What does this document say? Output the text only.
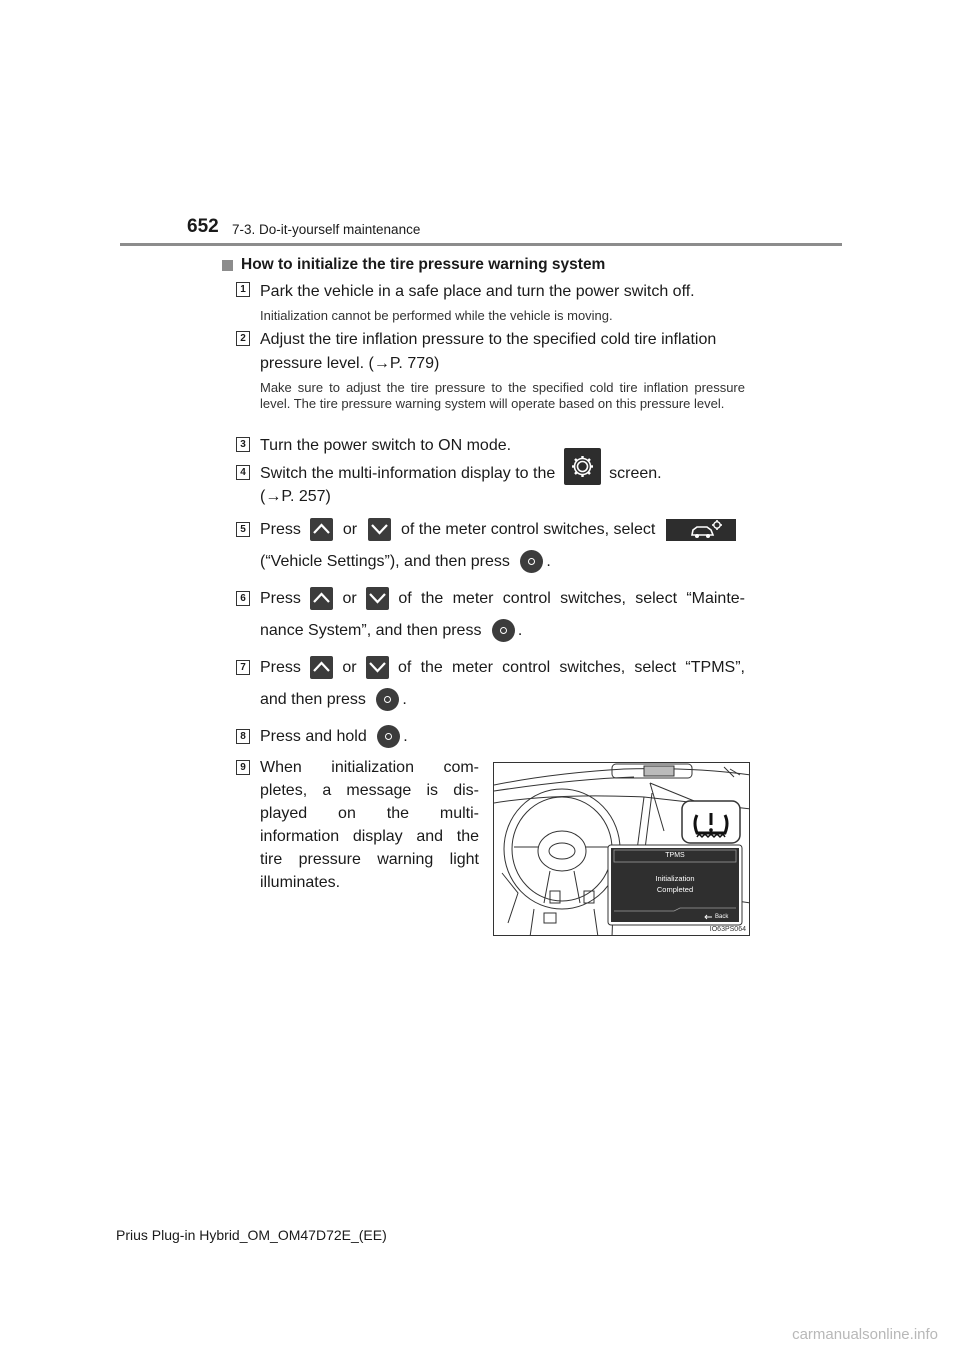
652 7-3. Do-it-yourself maintenance
How to initialize the tire pressure warning system
1 Park the vehicle in a safe place and turn the power switch off.
Initialization cannot be performed while the vehicle is moving.
2 Adjust the tire inflation pressure to the specified cold tire inflation
pressure level. (→P. 779)
Make sure to adjust the tire pressure to the specified cold tire inflation pressure level. The tire pressure warning system will operate based on this pressure level.
3 Turn the power switch to ON mode.
4 Switch the multi-information display to the	screen.
(→P. 257)
5 Press	or	of the meter control switches, select
(“Vehicle Settings”), and then press .
6 Press	or	of the meter control switches, select “Mainte-
nance System”, and then press .
7 Press	or	of the meter control switches, select “TPMS”,
and then press .
8 Press and hold .
9 When initialization com-
pletes, a message is dis-
played on the multi-
information display and the
tire pressure warning light
illuminates.
TPMS
Initialization
Completed
Back
IO63PS064
Prius Plug-in Hybrid_OM_OM47D72E_(EE)
carmanualsonline.info
